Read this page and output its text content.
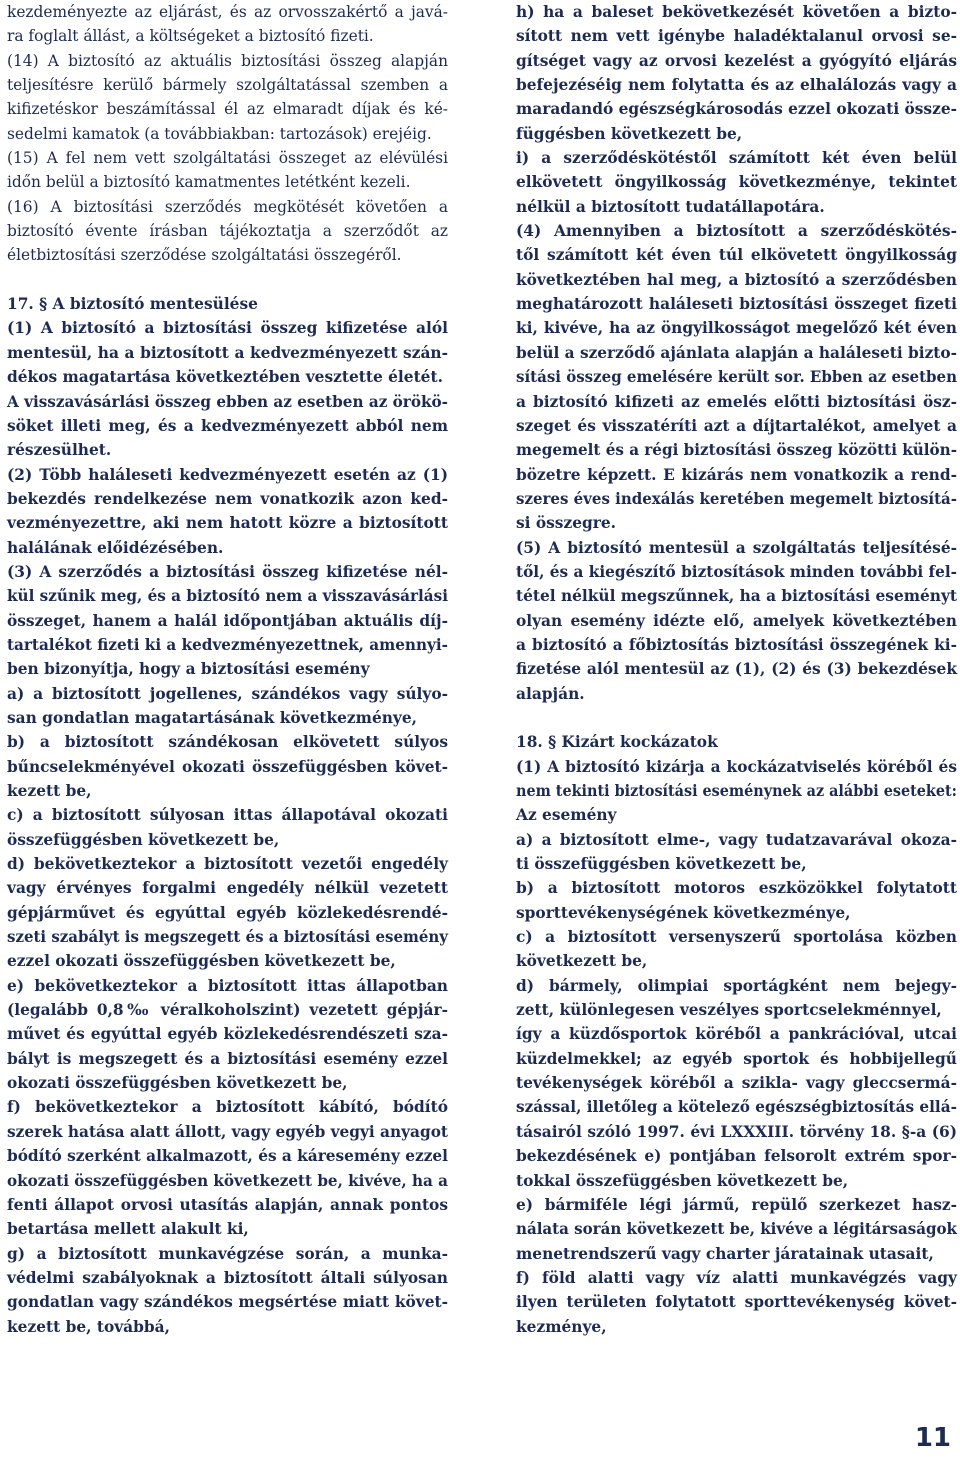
kezdeményezte az eljárást, és az orvosszakértő a javá-
ra foglalt állást, a költségeket a biztosító fizeti.
(14) A biztosító az aktuális biztosítási összeg alapján
teljesítésre kerülő bármely szolgáltatással szemben a
kifizetéskor beszámítással él az elmaradt díjak és ké-
sedelmi kamatok (a továbbiakban: tartozások) erejéig.
(15) A fel nem vett szolgáltatási összeget az elévülési
időn belül a biztosító kamatmentes letétként kezeli.
(16) A biztosítási szerződés megkötését követően a
biztosító évente írásban tájékoztatja a szerződőt az
életbiztosítási szerződése szolgáltatási összegéről.
17. § A biztosító mentesülése
(1) A biztosító a biztosítási összeg kifizetése alól
mentesül, ha a biztosított a kedvezményezett szán-
dékos magatartása következtében vesztette életét.
A visszavásárlási összeg ebben az esetben az örökö-
söket illeti meg, és a kedvezményezett abból nem
részesülhet.
(2) Több haláleseti kedvezményezett esetén az (1)
bekezdés rendelkezése nem vonatkozik azon ked-
vezményezettre, aki nem hatott közre a biztosított
halálának előidézésében.
(3) A szerződés a biztosítási összeg kifizetése nél-
kül szűnik meg, és a biztosító nem a visszavásárlási
összeget, hanem a halál időpontjában aktuális díj-
tartalékot fizeti ki a kedvezményezettnek, amennyi-
ben bizonyítja, hogy a biztosítási esemény
a) a biztosított jogellenes, szándékos vagy súlyo-
san gondatlan magatartásának következménye,
b) a biztosított szándékosan elkövetett súlyos
bűncselekményével okozati összefüggésben követ-
kezett be,
c) a biztosított súlyosan ittas állapotával okozati
összefüggésben következett be,
d) bekövetkeztekor a biztosított vezetői engedély
vagy érvényes forgalmi engedély nélkül vezetett
gépjárművet és egyúttal egyéb közlekedésrendé-
szeti szabályt is megszegett és a biztosítási esemény
ezzel okozati összefüggésben következett be,
e) bekövetkeztekor a biztosított ittas állapotban
(legalább 0,8‰ véralkoholszint) vezetett gépjár-
művet és egyúttal egyéb közlekedésrendészeti sza-
bályt is megszegett és a biztosítási esemény ezzel
okozati összefüggésben következett be,
f) bekövetkeztekor a biztosított kábító, bódító
szerek hatása alatt állott, vagy egyéb vegyi anyagot
bódító szerként alkalmazott, és a káresemény ezzel
okozati összefüggésben következett be, kivéve, ha a
fenti állapot orvosi utasítás alapján, annak pontos
betartása mellett alakult ki,
g) a biztosított munkavégzése során, a munka-
védelmi szabályoknak a biztosított általi súlyosan
gondatlan vagy szándékos megsértése miatt követ-
kezett be, továbbá,
h) ha a baleset bekövetkezését követően a bizto-
sított nem vett igénybe haladéktalanul orvosi se-
gítséget vagy az orvosi kezelést a gyógyító eljárás
befejezéséig nem folytatta és az elhalálozás vagy a
maradandó egészségkárosodás ezzel okozati össze-
függésben következett be,
i) a szerződéskötéstől számított két éven belül
elkövetett öngyilkosság következménye, tekintet
nélkül a biztosított tudatállapotára.
(4) Amennyiben a biztosított a szerződéskötés-
től számított két éven túl elkövetett öngyilkosság
következtében hal meg, a biztosító a szerződésben
meghatározott haláleseti biztosítási összeget fizeti
ki, kivéve, ha az öngyilkosságot megelőző két éven
belül a szerződő ajánlata alapján a haláleseti bizto-
sítási összeg emelésére került sor. Ebben az esetben
a biztosító kifizeti az emelés előtti biztosítási ösz-
szeget és visszatéríti azt a díjtartalékot, amelyet a
megemelt és a régi biztosítási összeg közötti külön-
bözetre képzett. E kizárás nem vonatkozik a rend-
szeres éves indexálás keretében megemelt biztosítá-
si összegre.
(5) A biztosító mentesül a szolgáltatás teljesítésé-
től, és a kiegészítő biztosítások minden további fel-
tétel nélkül megszűnnek, ha a biztosítási eseményt
olyan esemény idézte elő, amelyek következtében
a biztosító a főbiztosítás biztosítási összegének ki-
fizetése alól mentesül az (1), (2) és (3) bekezdések
alapján.
18. § Kizárt kockázatok
(1) A biztosító kizárja a kockázatviselés köréből és
nem tekinti biztosítási eseménynek az alábbi eseteket:
Az esemény
a) a biztosított elme-, vagy tudatzavarával okoza-
ti összefüggésben következett be,
b) a biztosított motoros eszközökkel folytatott
sporttevékenységének következménye,
c) a biztosított versenyszerű sportolása közben
következett be,
d) bármely, olimpiai sportágként nem bejegy-
zett, különlegesen veszélyes sportcselekménnyel,
így a küzdősportok köréből a pankrációval, utcai
küzdelmekkel; az egyéb sportok és hobbijellegű
tevékenységek köréből a szikla- vagy gleccsermá-
szással, illetőleg a kötelező egészségbiztosítás ellá-
tásairól szóló 1997. évi LXXXIII. törvény 18. §-a (6)
bekezdésének e) pontjában felsorolt extrém spor-
tokkal összefüggésben következett be,
e) bármiféle légi jármű, repülő szerkezet hasz-
nálata során következett be, kivéve a légitársaságok
menetrendszerű vagy charter járatainak utasait,
f) föld alatti vagy víz alatti munkavégzés vagy
ilyen területen folytatott sporttevékenység követ-
kezménye,
11
